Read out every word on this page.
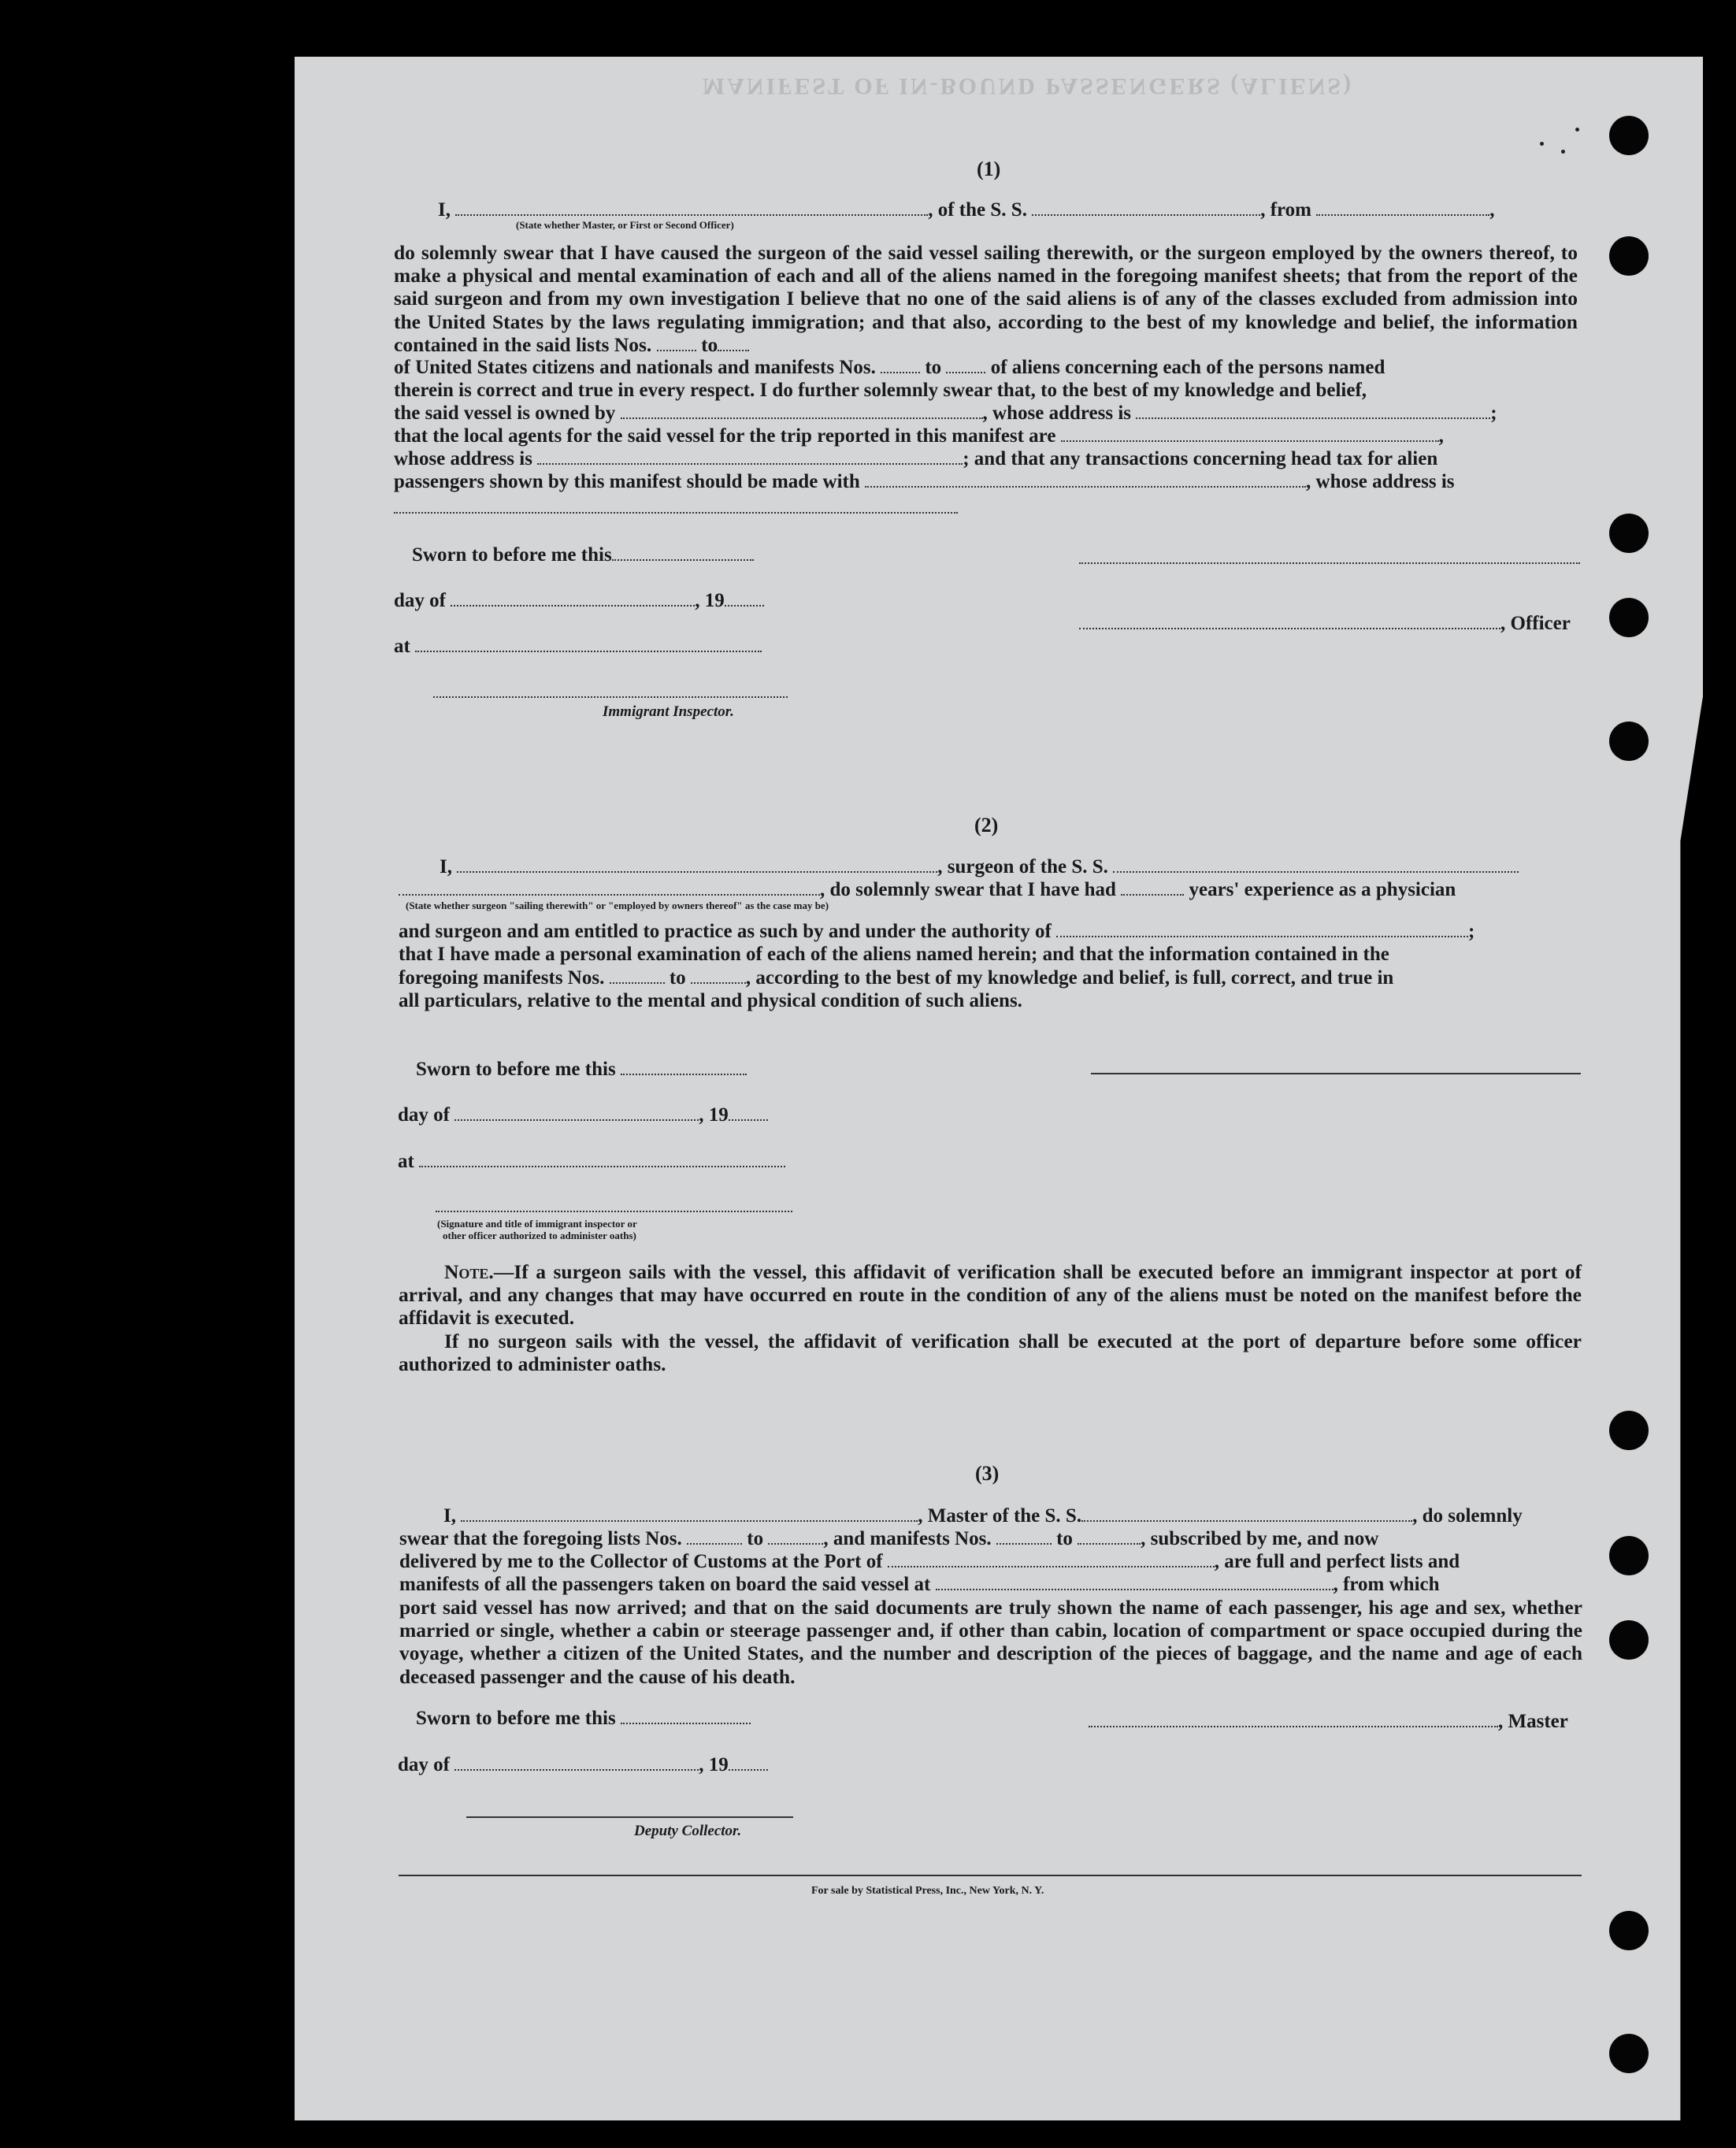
MANIFEST OF IN-BOUND PASSENGERS (ALIENS)
(1)
I,	, of the S. S.	, from	,
(State whether Master, or First or Second Officer)
do solemnly swear that I have caused the surgeon of the said vessel sailing therewith, or the surgeon employed by the owners thereof, to make a physical and mental examination of each and all of the aliens named in the foregoing manifest sheets; that from the report of the said surgeon and from my own investigation I believe that no one of the said aliens is of any of the classes excluded from admission into the United States by the laws regulating immigration; and that also, according to the best of my knowledge and belief, the information contained in the said lists Nos. to
of United States citizens and nationals and manifests Nos.	to	of aliens concerning each of the persons named
therein is correct and true in every respect. I do further solemnly swear that, to the best of my knowledge and belief,
the said vessel is owned by	, whose address is	;
that the local agents for the said vessel for the trip reported in this manifest are	,
whose address is	; and that any transactions concerning head tax for alien
passengers shown by this manifest should be made with	, whose address is
Sworn to before me this
day of	, 19
at
Immigrant Inspector.
, Officer
(2)
I,	, surgeon of the S. S.
, do solemnly swear that I have had	years' experience as a physician
(State whether surgeon "sailing therewith" or "employed by owners thereof" as the case may be)
and surgeon and am entitled to practice as such by and under the authority of	;
that I have made a personal examination of each of the aliens named herein; and that the information contained in the
foregoing manifests Nos.	to	, according to the best of my knowledge and belief, is full, correct, and true in
all particulars, relative to the mental and physical condition of such aliens.
Sworn to before me this
day of	, 19
at
(Signature and title of immigrant inspector or
other officer authorized to administer oaths)
Note.—If a surgeon sails with the vessel, this affidavit of verification shall be executed before an immigrant inspector at port of arrival, and any changes that may have occurred en route in the condition of any of the aliens must be noted on the manifest before the affidavit is executed.
If no surgeon sails with the vessel, the affidavit of verification shall be executed at the port of departure before some officer authorized to administer oaths.
(3)
I,	, Master of the S. S.	, do solemnly
swear that the foregoing lists Nos.	to	, and manifests Nos.	to	, subscribed by me, and now
delivered by me to the Collector of Customs at the Port of	, are full and perfect lists and
manifests of all the passengers taken on board the said vessel at	, from which
port said vessel has now arrived; and that on the said documents are truly shown the name of each passenger, his age and sex, whether married or single, whether a cabin or steerage passenger and, if other than cabin, location of compartment or space occupied during the voyage, whether a citizen of the United States, and the number and description of the pieces of baggage, and the name and age of each deceased passenger and the cause of his death.
Sworn to before me this
day of	, 19
Deputy Collector.
, Master
For sale by Statistical Press, Inc., New York, N. Y.
